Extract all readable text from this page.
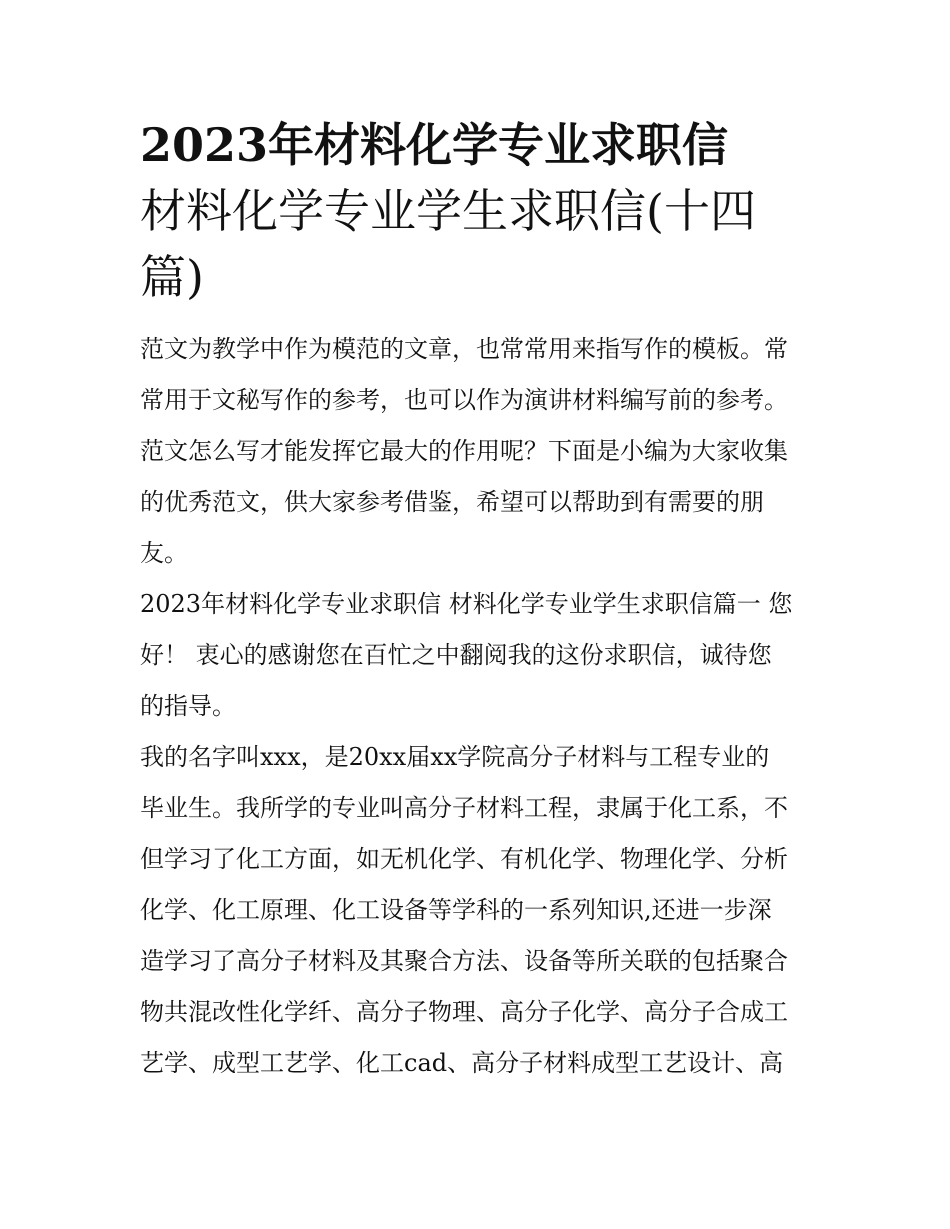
2023年材料化学专业求职信
材料化学专业学生求职信(十四
篇)

范文为教学中作为模范的文章，也常常用来指写作的模板。常
常用于文秘写作的参考，也可以作为演讲材料编写前的参考。
范文怎么写才能发挥它最大的作用呢？下面是小编为大家收集
的优秀范文，供大家参考借鉴，希望可以帮助到有需要的朋
友。

2023年材料化学专业求职信 材料化学专业学生求职信篇一 您
好！ 衷心的感谢您在百忙之中翻阅我的这份求职信，诚待您
的指导。

我的名字叫xxx，是20xx届xx学院高分子材料与工程专业的
毕业生。我所学的专业叫高分子材料工程，隶属于化工系，不
但学习了化工方面，如无机化学、有机化学、物理化学、分析
化学、化工原理、化工设备等学科的一系列知识,还进一步深
造学习了高分子材料及其聚合方法、设备等所关联的包括聚合
物共混改性化学纤、高分子物理、高分子化学、高分子合成工
艺学、成型工艺学、化工cad、高分子材料成型工艺设计、高
